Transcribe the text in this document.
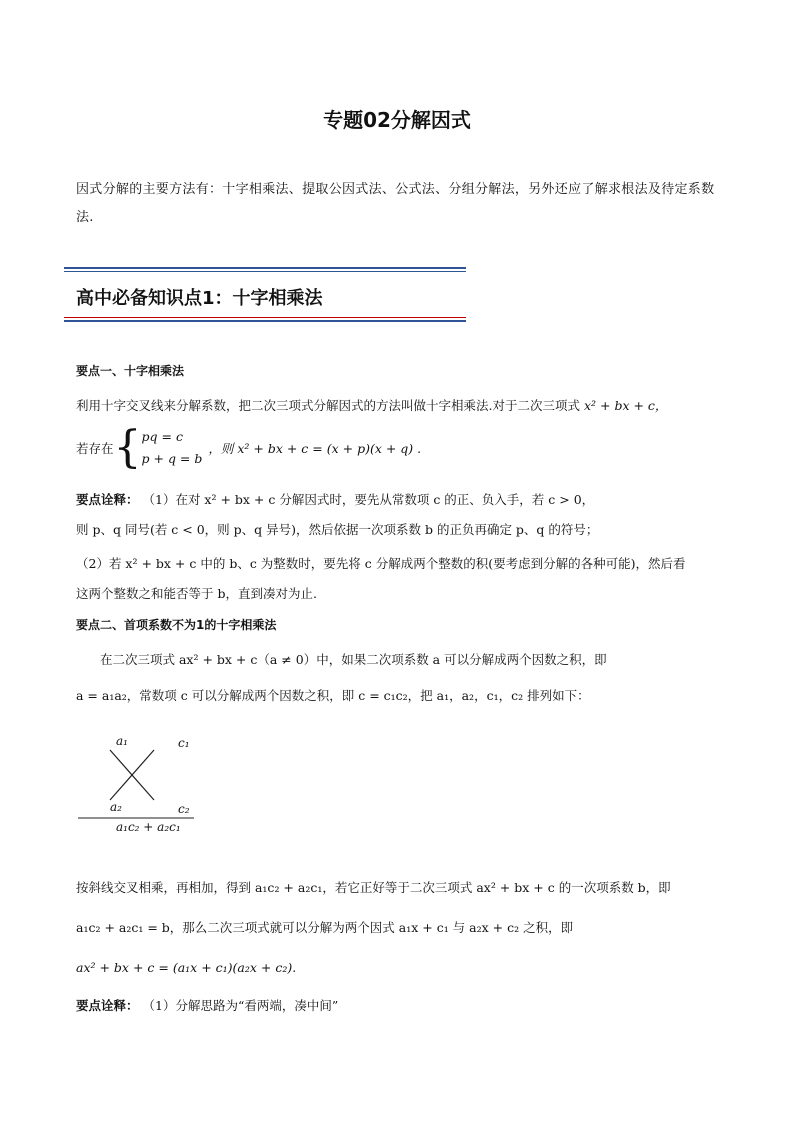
专题02分解因式
因式分解的主要方法有：十字相乘法、提取公因式法、公式法、分组分解法，另外还应了解求根法及待定系数法.
高中必备知识点1：十字相乘法
要点一、十字相乘法
利用十字交叉线来分解系数，把二次三项式分解因式的方法叫做十字相乘法.对于二次三项式 x² + bx + c，
若存在 { pq = c
p + q = b
，则 x² + bx + c = (x + p)(x + q) .
要点诠释： （1）在对 x² + bx + c 分解因式时，要先从常数项 c 的正、负入手，若 c > 0，
则 p、q 同号(若 c < 0，则 p、q 异号)，然后依据一次项系数 b 的正负再确定 p、q 的符号；
（2）若 x² + bx + c 中的 b、c 为整数时，要先将 c 分解成两个整数的积(要考虑到分解的各种可能)，然后看
这两个整数之和能否等于 b，直到凑对为止.
要点二、首项系数不为1的十字相乘法
在二次三项式 ax² + bx + c（a ≠ 0）中，如果二次项系数 a 可以分解成两个因数之积，即
a = a₁a₂，常数项 c 可以分解成两个因数之积，即 c = c₁c₂，把 a₁，a₂，c₁，c₂ 排列如下：
a₁	c₁
a₂	c₂
a₁c₂ + a₂c₁
按斜线交叉相乘，再相加，得到 a₁c₂ + a₂c₁，若它正好等于二次三项式 ax² + bx + c 的一次项系数 b，即
a₁c₂ + a₂c₁ = b，那么二次三项式就可以分解为两个因式 a₁x + c₁ 与 a₂x + c₂ 之积，即
ax² + bx + c = (a₁x + c₁)(a₂x + c₂).
要点诠释： （1）分解思路为“看两端，凑中间”
